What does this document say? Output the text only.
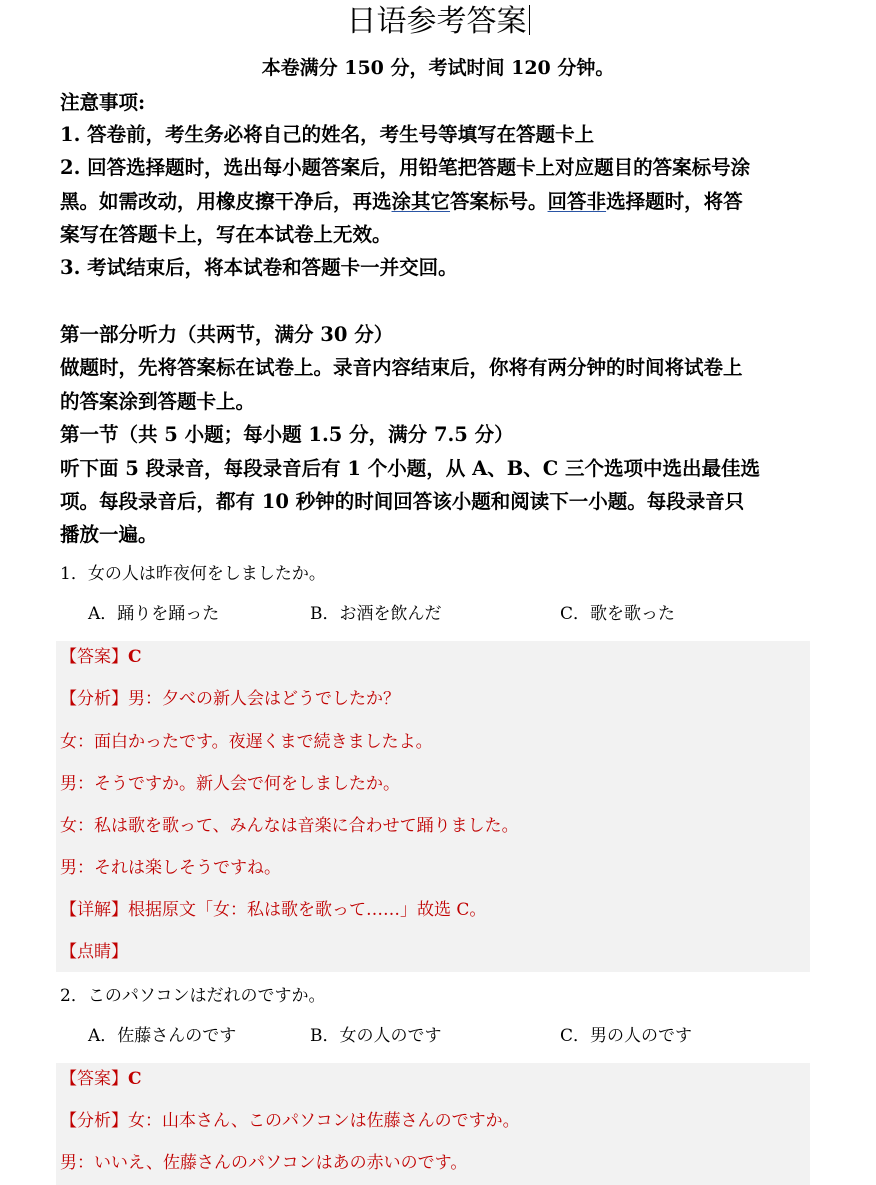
日语参考答案
本卷满分 150 分，考试时间 120 分钟。
注意事项:
1. 答卷前，考生务必将自己的姓名，考生号等填写在答题卡上
2. 回答选择题时，选出每小题答案后，用铅笔把答题卡上对应题目的答案标号涂
黑。如需改动，用橡皮擦干净后，再选涂其它答案标号。回答非选择题时，将答
案写在答题卡上，写在本试卷上无效。
3. 考试结束后，将本试卷和答题卡一并交回。
第一部分听力（共两节，满分 30 分）
做题时，先将答案标在试卷上。录音内容结束后，你将有两分钟的时间将试卷上
的答案涂到答题卡上。
第一节（共 5 小题；每小题 1.5 分，满分 7.5 分）
听下面 5 段录音，每段录音后有 1 个小题，从 A、B、C 三个选项中选出最佳选
项。每段录音后，都有 10 秒钟的时间回答该小题和阅读下一小题。每段录音只
播放一遍。
1．女の人は昨夜何をしましたか。
A．踊りを踊った	B．お酒を飲んだ	C．歌を歌った
【答案】C
【分析】男：夕べの新人会はどうでしたか？
女：面白かったです。夜遅くまで続きましたよ。
男：そうですか。新人会で何をしましたか。
女：私は歌を歌って、みんなは音楽に合わせて踊りました。
男：それは楽しそうですね。
【详解】根据原文「女：私は歌を歌って……」故选 C。
【点睛】
2．このパソコンはだれのですか。
A．佐藤さんのです	B．女の人のです	C．男の人のです
【答案】C
【分析】女：山本さん、このパソコンは佐藤さんのですか。
男：いいえ、佐藤さんのパソコンはあの赤いのです。
